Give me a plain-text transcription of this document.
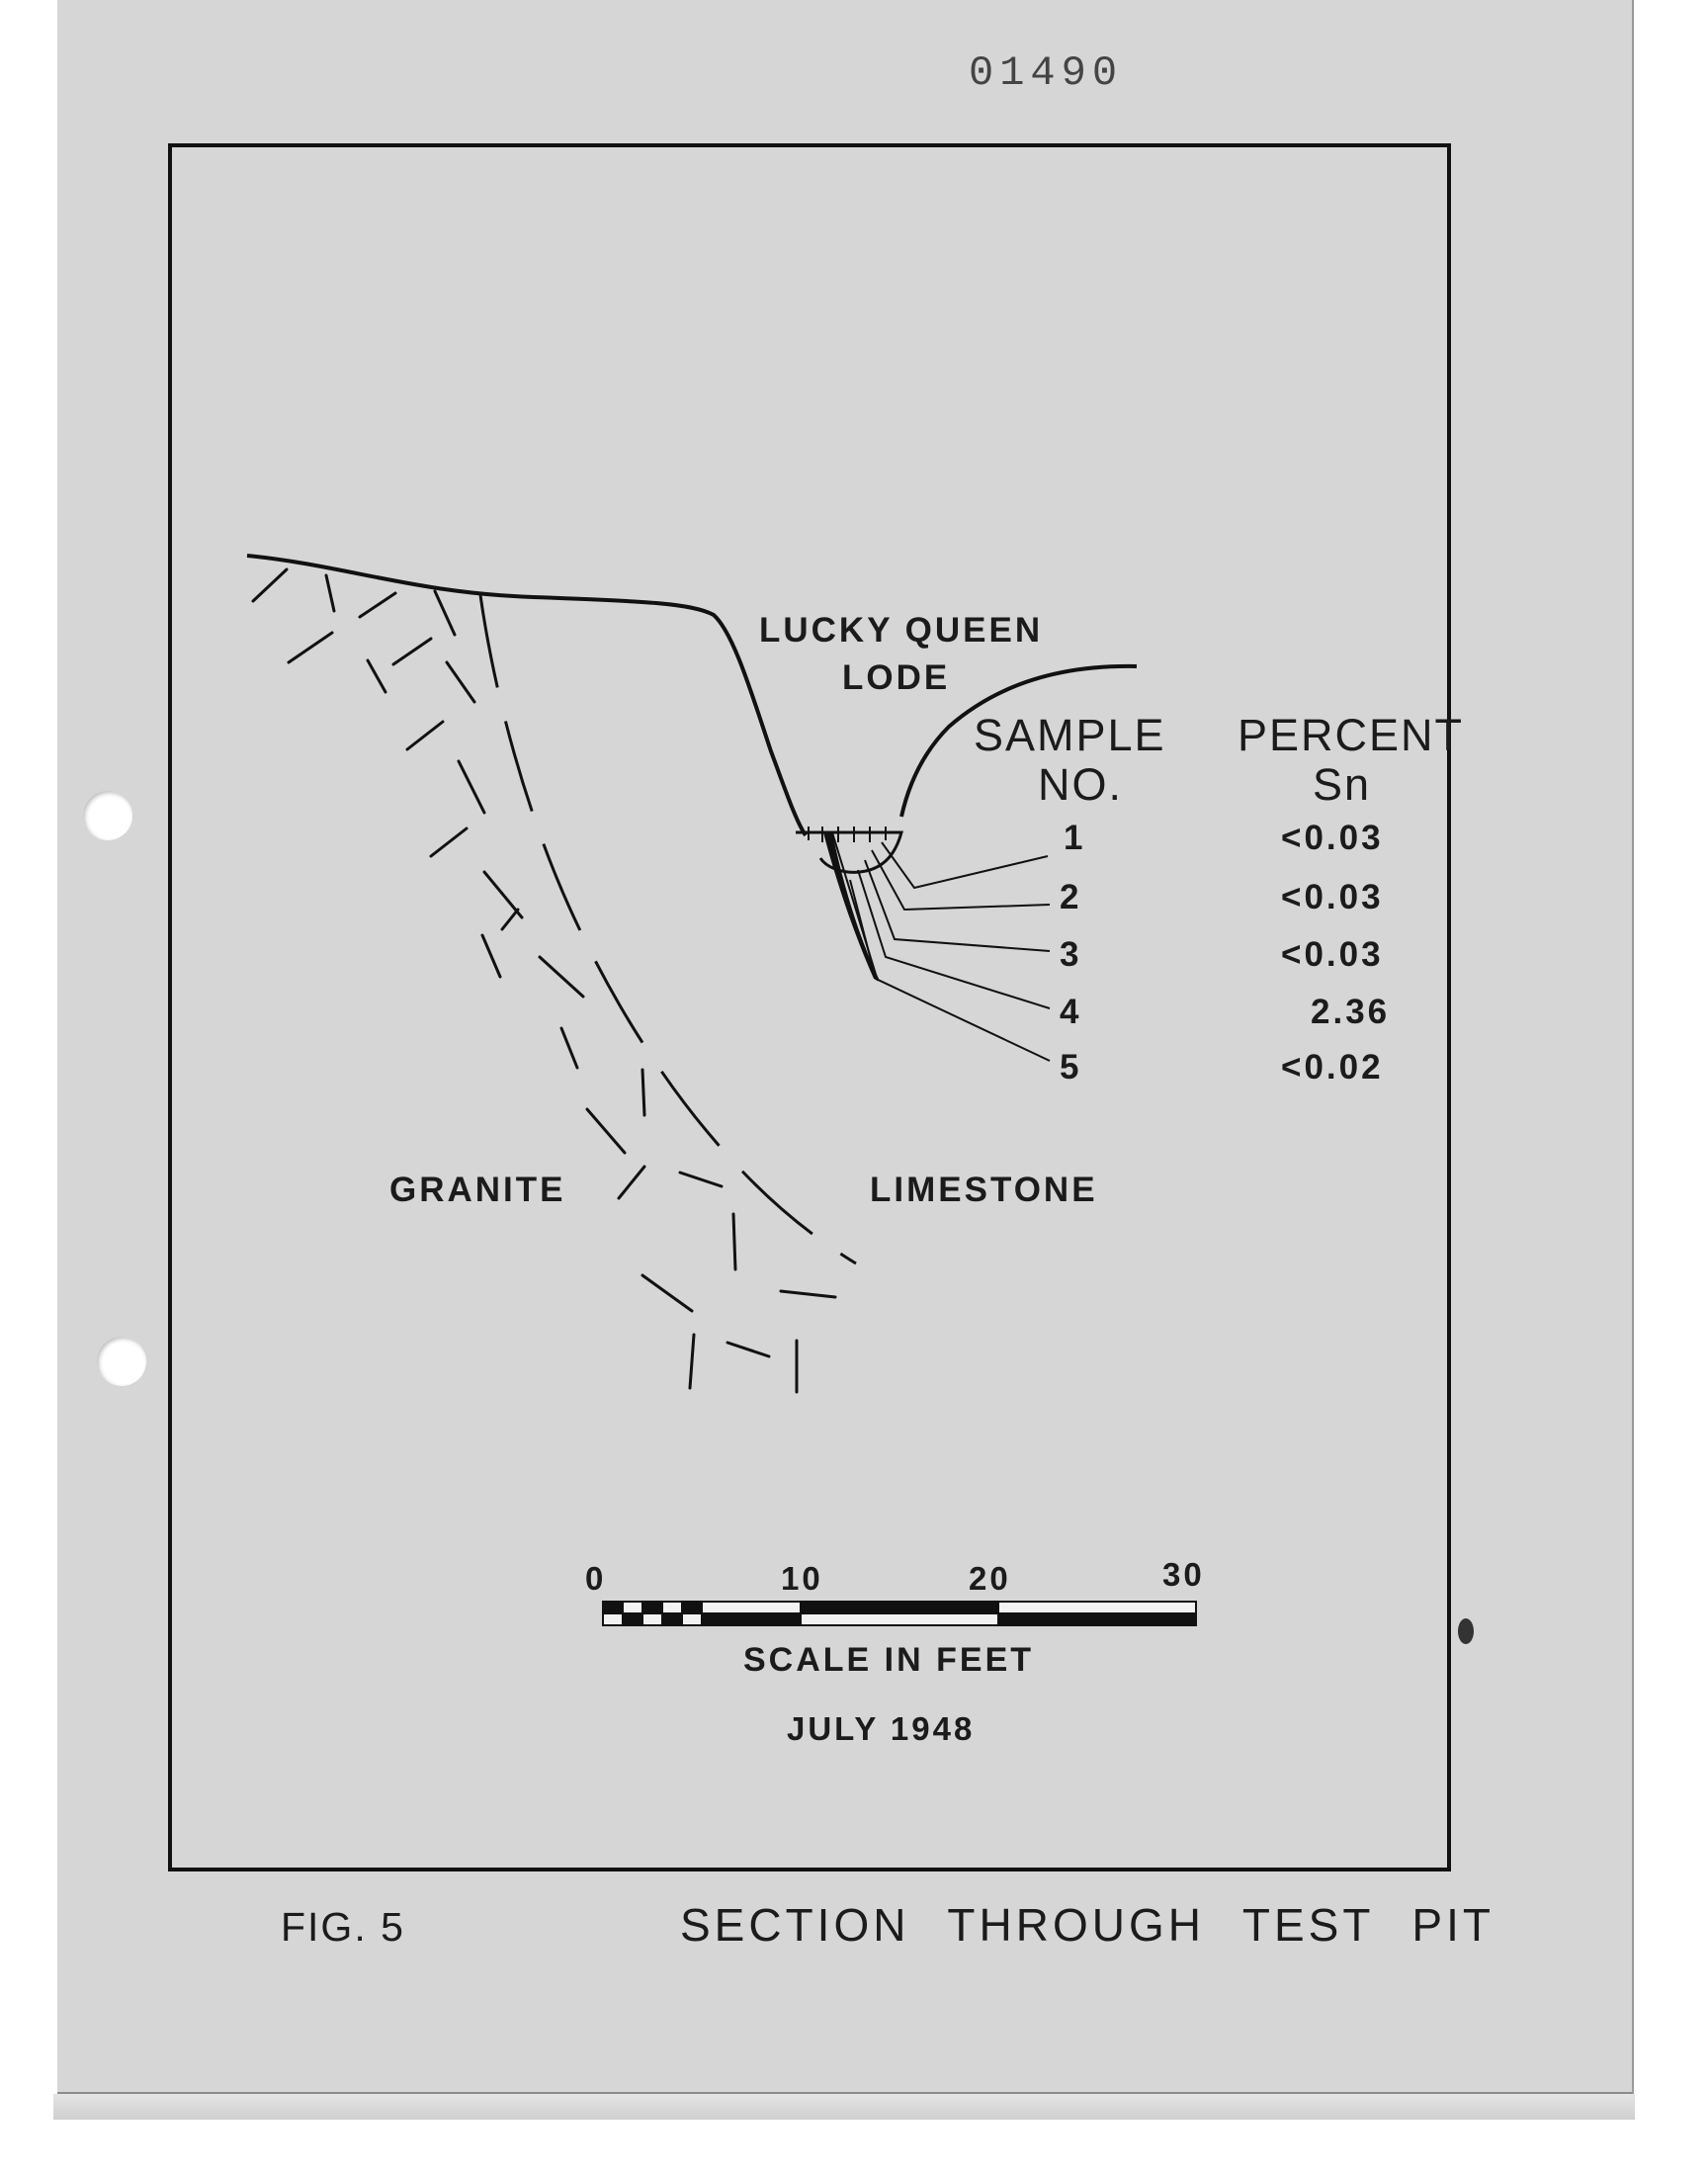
01490
LUCKY QUEEN
LODE
SAMPLE
NO.
PERCENT
Sn
1	<0.03
2	<0.03
3	<0.03
4	2.36
5	<0.02
GRANITE	LIMESTONE
0	10	20	30
SCALE IN FEET
JULY 1948
FIG. 5	SECTION THROUGH TEST PIT
